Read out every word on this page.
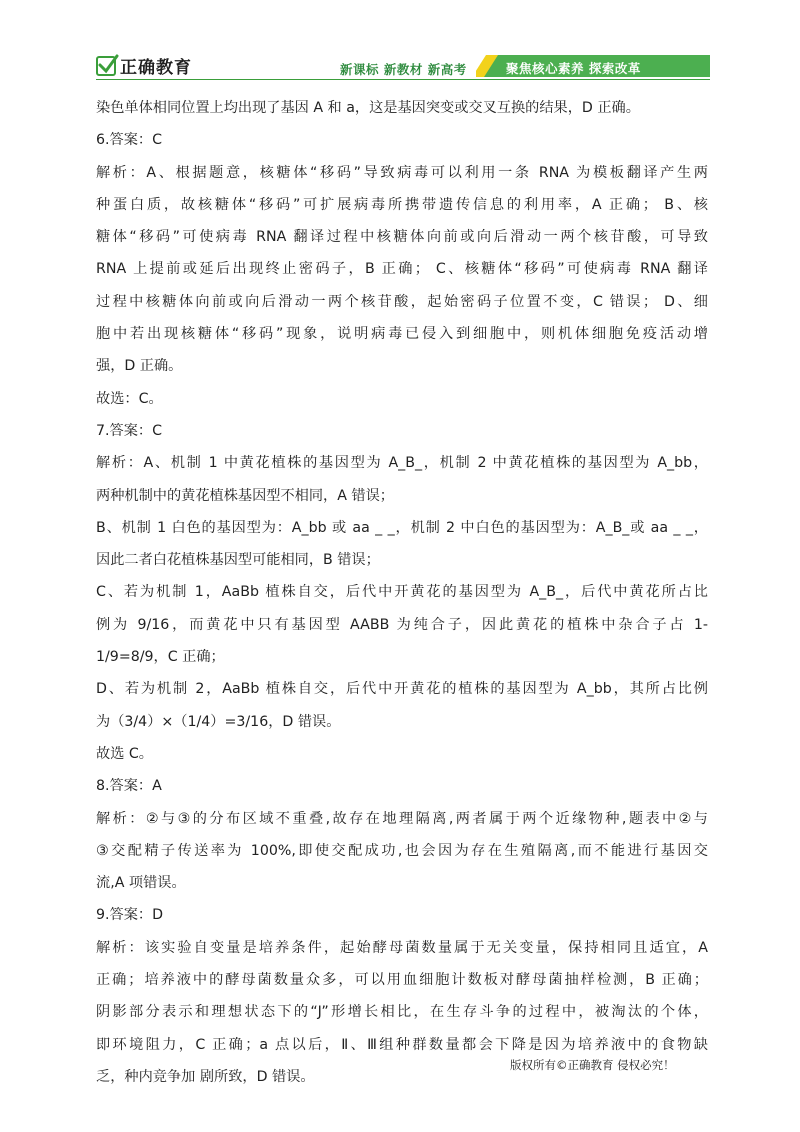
正确教育	新课标 新教材 新高考	聚焦核心素养 探索改革
染色单体相同位置上均出现了基因 A 和 a，这是基因突变或交叉互换的结果，D 正确。
6.答案：C
解析：A、根据题意，核糖体“移码”导致病毒可以利用一条 RNA 为模板翻译产生两
种蛋白质，故核糖体“移码”可扩展病毒所携带遗传信息的利用率，A 正确； B、核
糖体“移码”可使病毒 RNA 翻译过程中核糖体向前或向后滑动一两个核苷酸，可导致
RNA 上提前或延后出现终止密码子，B 正确； C、核糖体“移码”可使病毒 RNA 翻译
过程中核糖体向前或向后滑动一两个核苷酸，起始密码子位置不变，C 错误； D、细
胞中若出现核糖体“移码”现象，说明病毒已侵入到细胞中，则机体细胞免疫活动增
强，D 正确。
故选：C。
7.答案：C
解析：A、机制 1 中黄花植株的基因型为 A_B_，机制 2 中黄花植株的基因型为 A_bb，
两种机制中的黄花植株基因型不相同，A 错误；
B、机制 1 白色的基因型为：A_bb 或 aa _ _，机制 2 中白色的基因型为：A_B_或 aa _ _，
因此二者白花植株基因型可能相同，B 错误；
C、若为机制 1，AaBb 植株自交，后代中开黄花的基因型为 A_B_，后代中黄花所占比
例为 9/16，而黄花中只有基因型 AABB 为纯合子，因此黄花的植株中杂合子占 1-
1/9=8/9，C 正确；
D、若为机制 2，AaBb 植株自交，后代中开黄花的植株的基因型为 A_bb，其所占比例
为（3/4）×（1/4）=3/16，D 错误。
故选 C。
8.答案：A
解析：②与③的分布区域不重叠,故存在地理隔离,两者属于两个近缘物种,题表中②与
③交配精子传送率为 100%,即使交配成功,也会因为存在生殖隔离,而不能进行基因交
流,A 项错误。
9.答案：D
解析：该实验自变量是培养条件，起始酵母菌数量属于无关变量，保持相同且适宜，A
正确；培养液中的酵母菌数量众多，可以用血细胞计数板对酵母菌抽样检测，B 正确；
阴影部分表示和理想状态下的“J”形增长相比，在生存斗争的过程中，被淘汰的个体，
即环境阻力，C 正确；a 点以后，Ⅱ、Ⅲ组种群数量都会下降是因为培养液中的食物缺
乏，种内竞争加 剧所致，D 错误。
版权所有©正确教育 侵权必究！
